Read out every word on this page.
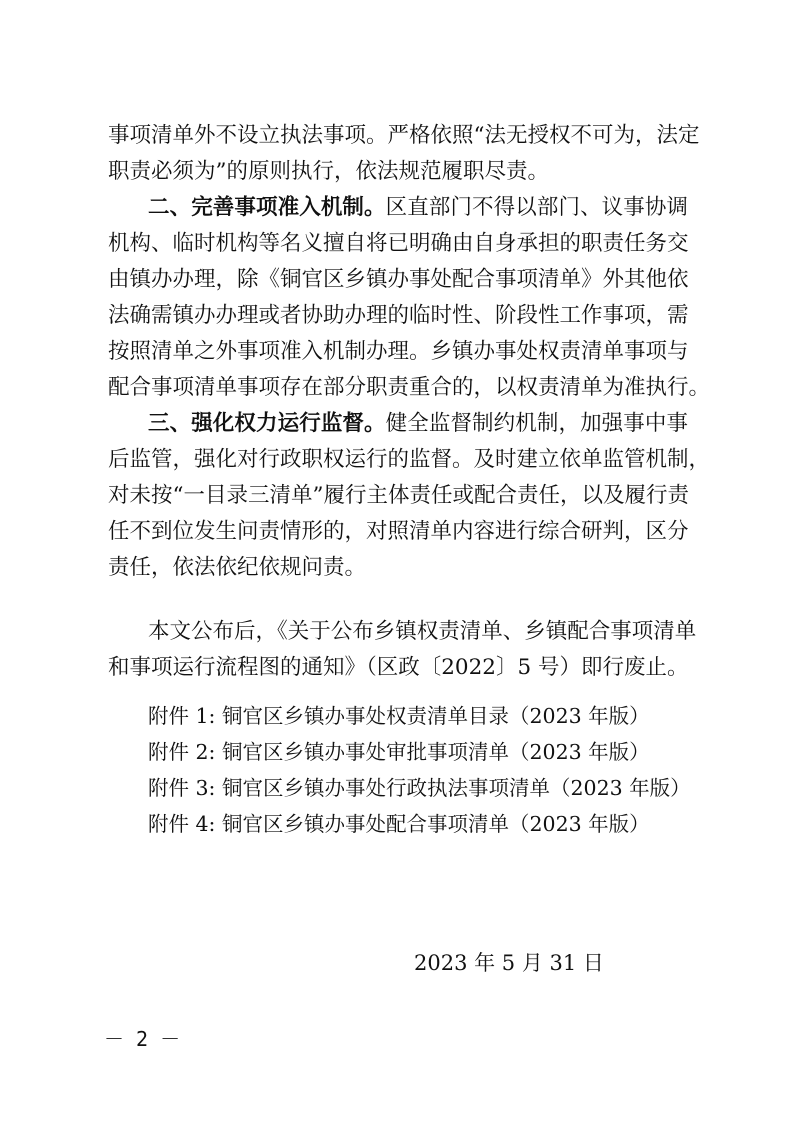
事项清单外不设立执法事项。严格依照“法无授权不可为，法定
职责必须为”的原则执行，依法规范履职尽责。
二、完善事项准入机制。区直部门不得以部门、议事协调
机构、临时机构等名义擅自将已明确由自身承担的职责任务交
由镇办办理，除《铜官区乡镇办事处配合事项清单》外其他依
法确需镇办办理或者协助办理的临时性、阶段性工作事项，需
按照清单之外事项准入机制办理。乡镇办事处权责清单事项与
配合事项清单事项存在部分职责重合的，以权责清单为准执行。
三、强化权力运行监督。健全监督制约机制，加强事中事
后监管，强化对行政职权运行的监督。及时建立依单监管机制，
对未按“一目录三清单”履行主体责任或配合责任，以及履行责
任不到位发生问责情形的，对照清单内容进行综合研判，区分
责任，依法依纪依规问责。
本文公布后，《关于公布乡镇权责清单、乡镇配合事项清单
和事项运行流程图的通知》（区政〔2022〕5 号）即行废止。
附件 1: 铜官区乡镇办事处权责清单目录（2023 年版）
附件 2: 铜官区乡镇办事处审批事项清单（2023 年版）
附件 3: 铜官区乡镇办事处行政执法事项清单（2023 年版）
附件 4: 铜官区乡镇办事处配合事项清单（2023 年版）
2023 年 5 月 31 日
－ 2 －
